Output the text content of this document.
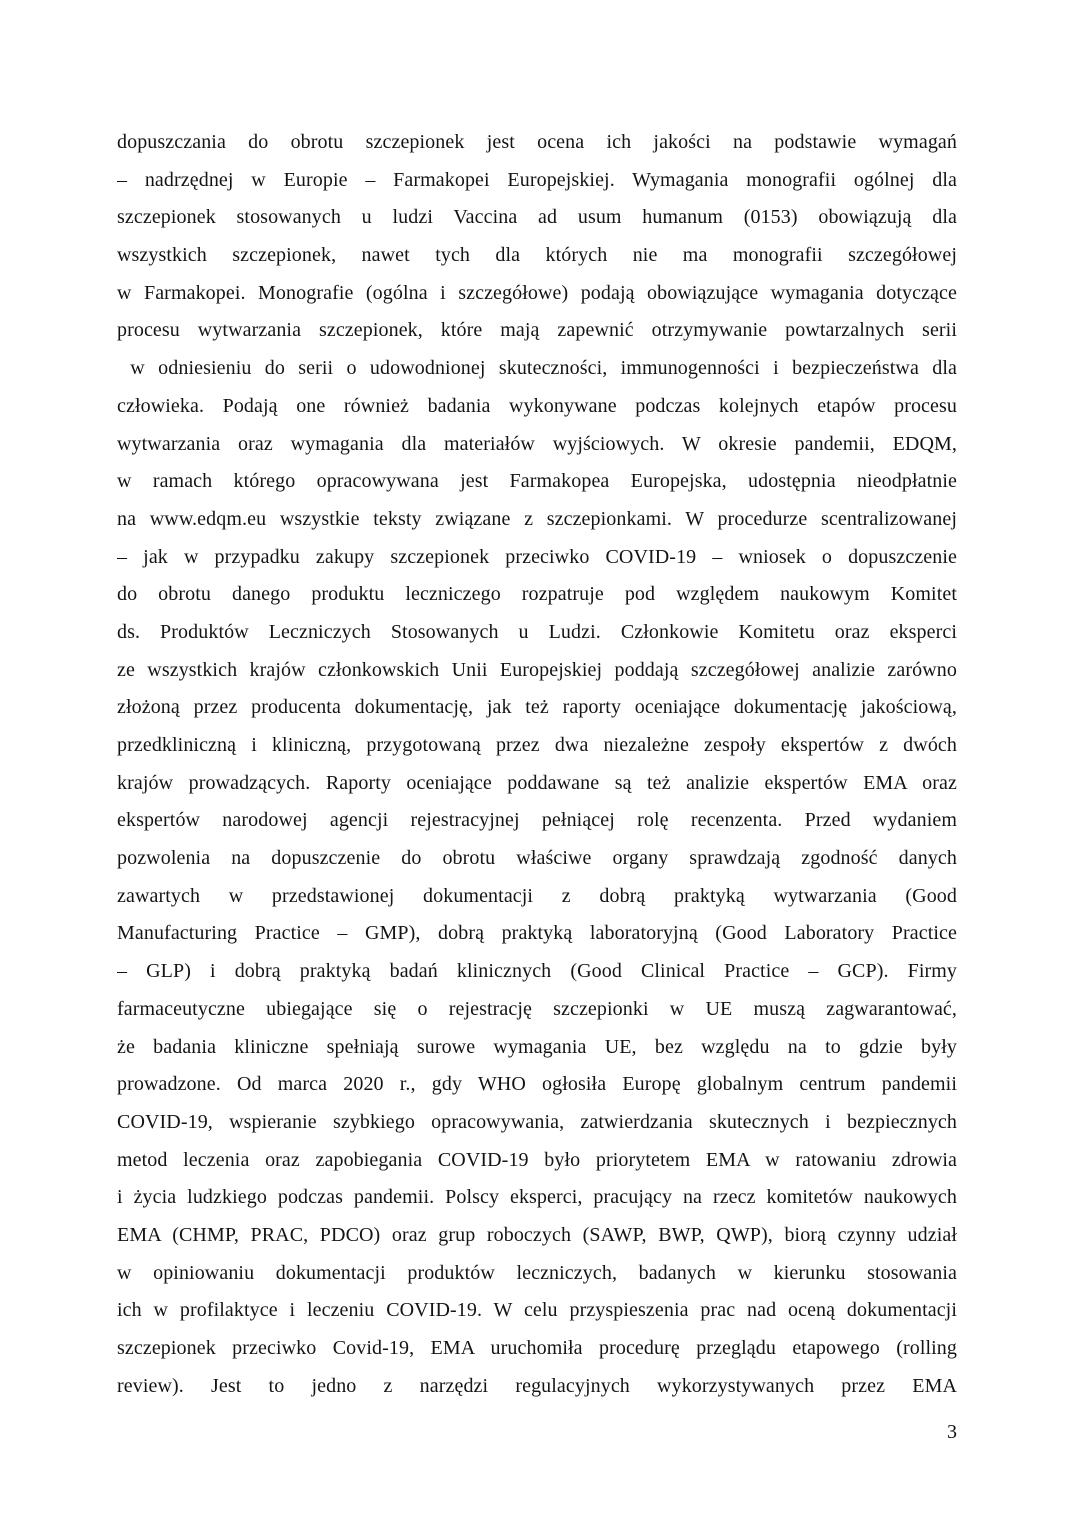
dopuszczania do obrotu szczepionek jest ocena ich jakości na podstawie wymagań
– nadrzędnej w Europie – Farmakopei Europejskiej. Wymagania monografii ogólnej dla
szczepionek stosowanych u ludzi Vaccina ad usum humanum (0153) obowiązują dla
wszystkich szczepionek, nawet tych dla których nie ma monografii szczegółowej
w Farmakopei. Monografie (ogólna i szczegółowe) podają obowiązujące wymagania dotyczące
procesu wytwarzania szczepionek, które mają zapewnić otrzymywanie powtarzalnych serii
w odniesieniu do serii o udowodnionej skuteczności, immunogenności i bezpieczeństwa dla
człowieka. Podają one również badania wykonywane podczas kolejnych etapów procesu
wytwarzania oraz wymagania dla materiałów wyjściowych. W okresie pandemii, EDQM,
w ramach którego opracowywana jest Farmakopea Europejska, udostępnia nieodpłatnie
na www.edqm.eu wszystkie teksty związane z szczepionkami. W procedurze scentralizowanej
– jak w przypadku zakupy szczepionek przeciwko COVID-19 – wniosek o dopuszczenie
do obrotu danego produktu leczniczego rozpatruje pod względem naukowym Komitet
ds. Produktów Leczniczych Stosowanych u Ludzi. Członkowie Komitetu oraz eksperci
ze wszystkich krajów członkowskich Unii Europejskiej poddają szczegółowej analizie zarówno
złożoną przez producenta dokumentację, jak też raporty oceniające dokumentację jakościową,
przedkliniczną i kliniczną, przygotowaną przez dwa niezależne zespoły ekspertów z dwóch
krajów prowadzących. Raporty oceniające poddawane są też analizie ekspertów EMA oraz
ekspertów narodowej agencji rejestracyjnej pełniącej rolę recenzenta. Przed wydaniem
pozwolenia na dopuszczenie do obrotu właściwe organy sprawdzają zgodność danych
zawartych w przedstawionej dokumentacji z dobrą praktyką wytwarzania (Good
Manufacturing Practice – GMP), dobrą praktyką laboratoryjną (Good Laboratory Practice
– GLP) i dobrą praktyką badań klinicznych (Good Clinical Practice – GCP). Firmy
farmaceutyczne ubiegające się o rejestrację szczepionki w UE muszą zagwarantować,
że badania kliniczne spełniają surowe wymagania UE, bez względu na to gdzie były
prowadzone. Od marca 2020 r., gdy WHO ogłosiła Europę globalnym centrum pandemii
COVID-19, wspieranie szybkiego opracowywania, zatwierdzania skutecznych i bezpiecznych
metod leczenia oraz zapobiegania COVID-19 było priorytetem EMA w ratowaniu zdrowia
i życia ludzkiego podczas pandemii. Polscy eksperci, pracujący na rzecz komitetów naukowych
EMA (CHMP, PRAC, PDCO) oraz grup roboczych (SAWP, BWP, QWP), biorą czynny udział
w opiniowaniu dokumentacji produktów leczniczych, badanych w kierunku stosowania
ich w profilaktyce i leczeniu COVID-19. W celu przyspieszenia prac nad oceną dokumentacji
szczepionek przeciwko Covid-19, EMA uruchomiła procedurę przeglądu etapowego (rolling
review). Jest to jedno z narzędzi regulacyjnych wykorzystywanych przez EMA
3
